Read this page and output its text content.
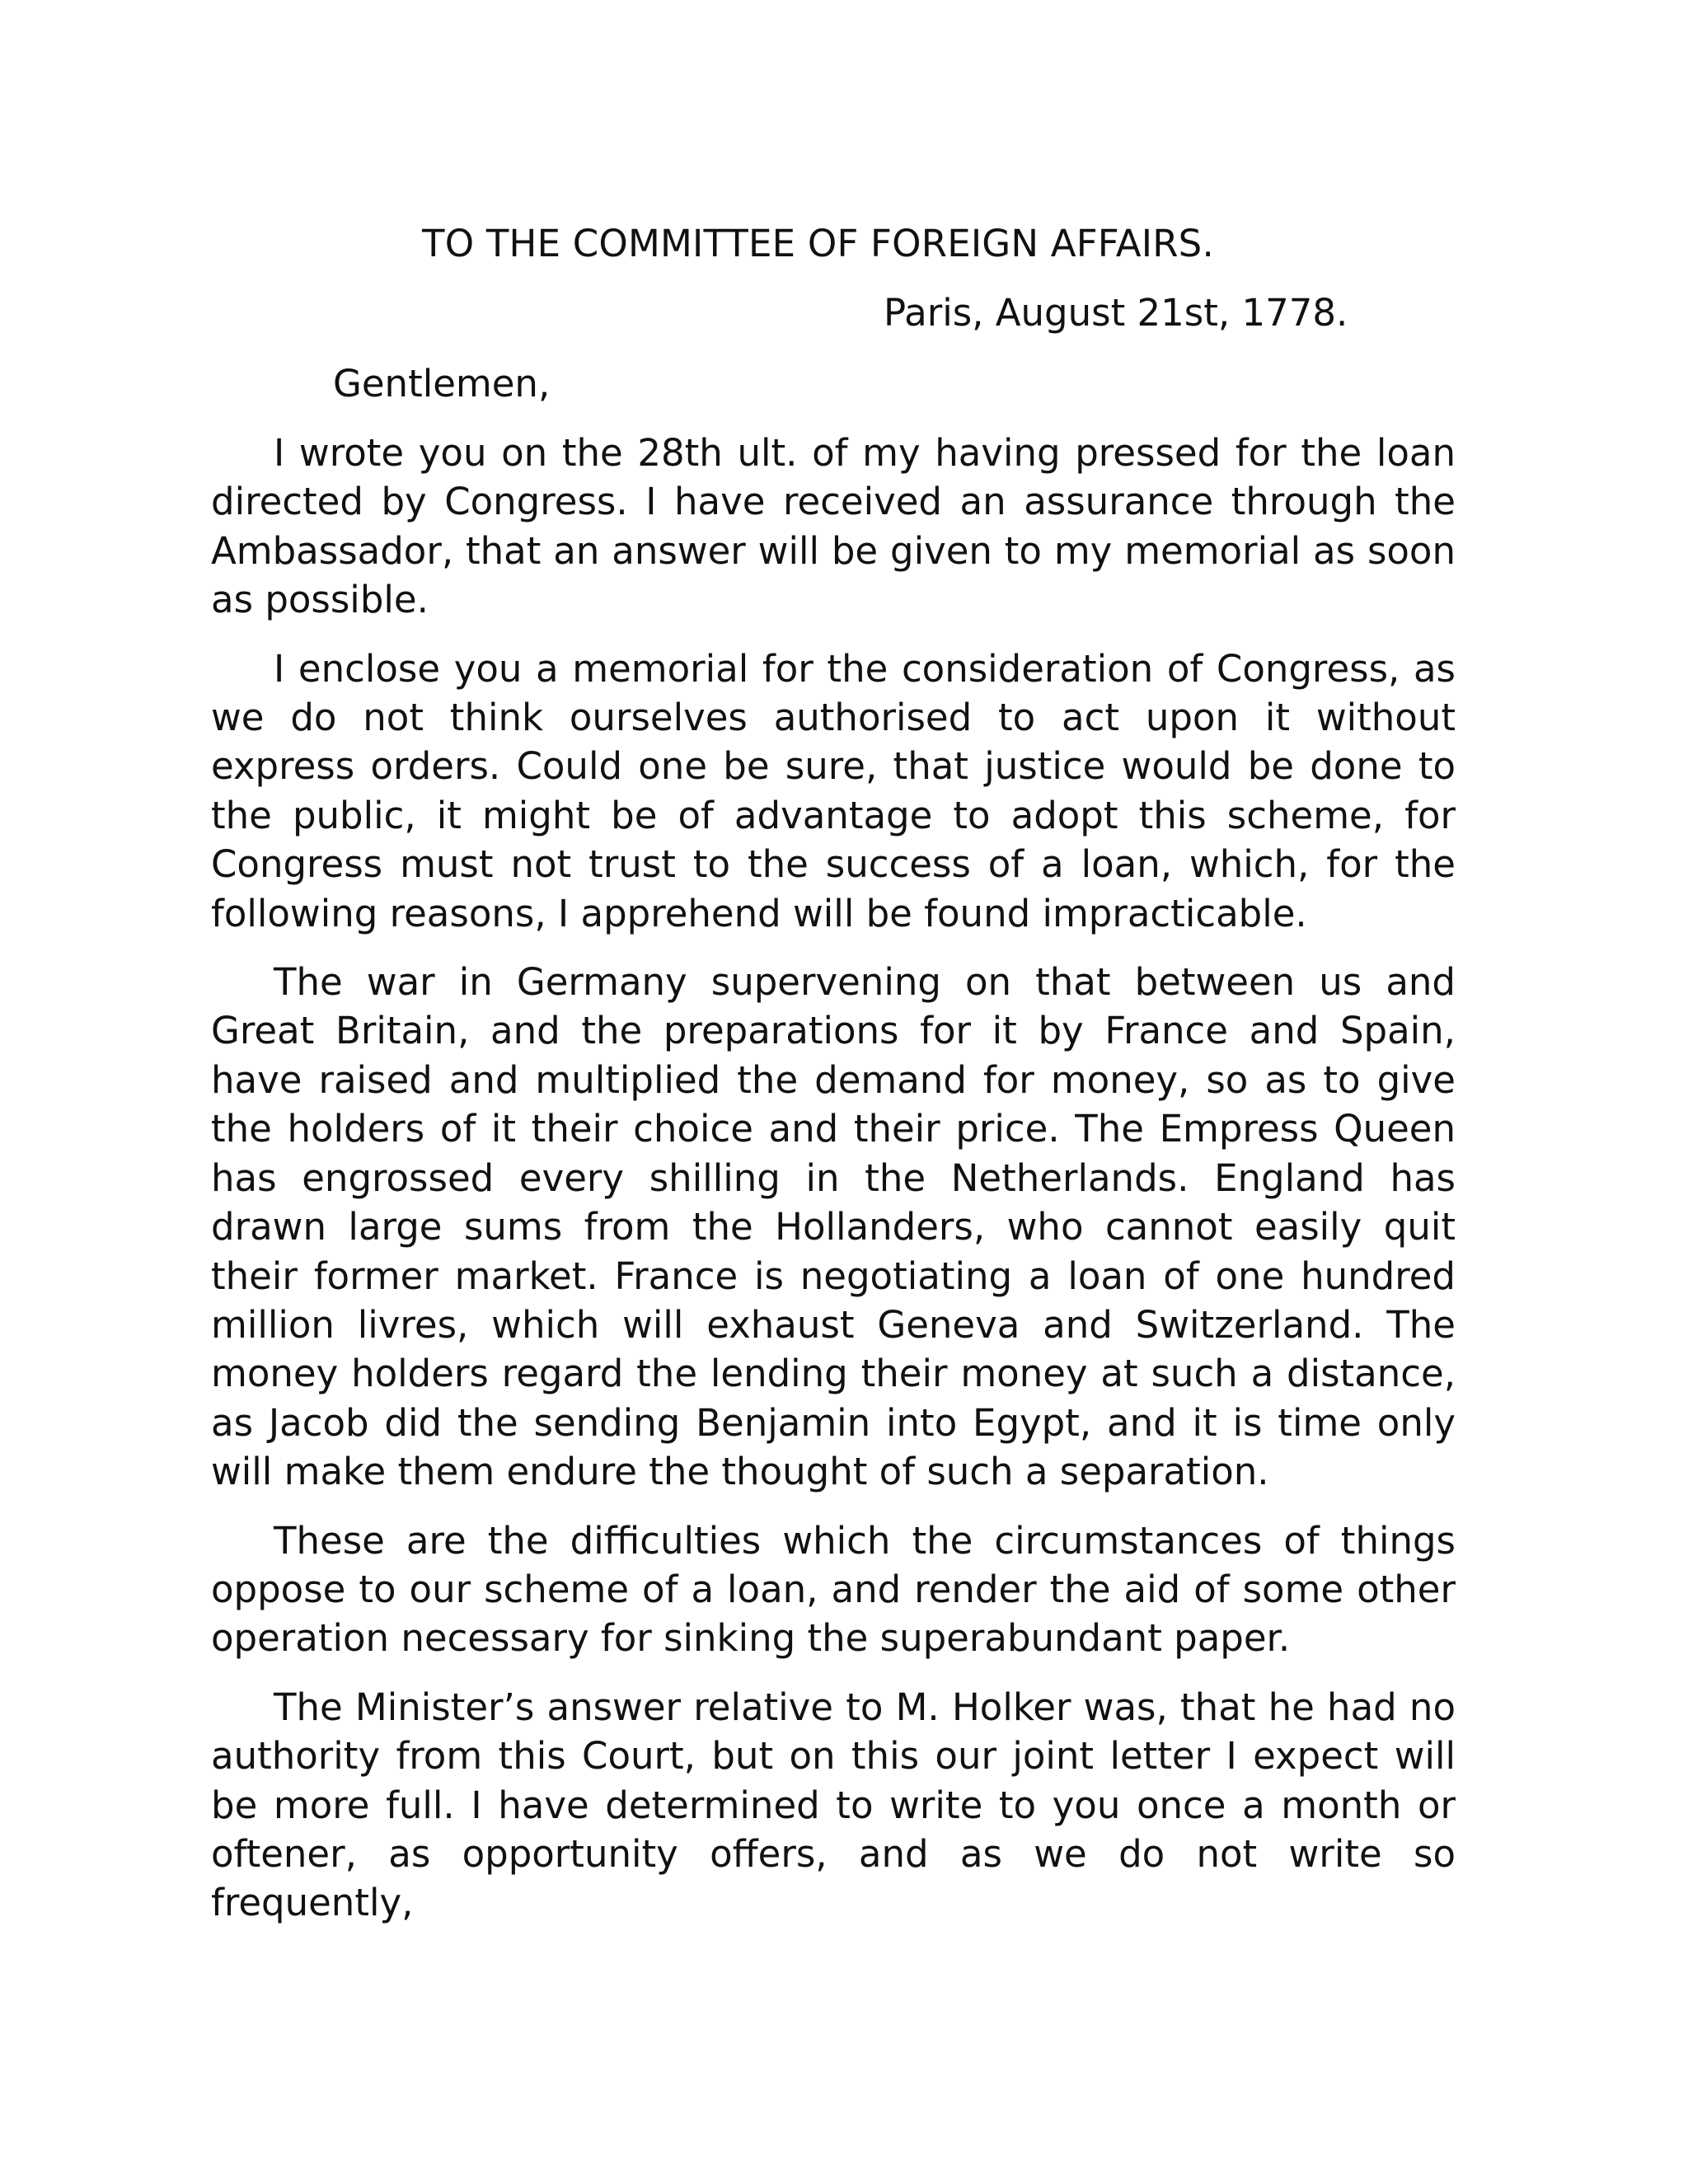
TO THE COMMITTEE OF FOREIGN AFFAIRS.

Paris, August 21st, 1778.

Gentlemen,

I wrote you on the 28th ult. of my having pressed for the loan directed by Congress. I have received an assurance through the Ambassador, that an answer will be given to my memorial as soon as possible.

I enclose you a memorial for the consideration of Congress, as we do not think ourselves authorised to act upon it without express orders. Could one be sure, that justice would be done to the public, it might be of advantage to adopt this scheme, for Congress must not trust to the success of a loan, which, for the following reasons, I apprehend will be found impracticable.

The war in Germany supervening on that between us and Great Britain, and the preparations for it by France and Spain, have raised and multiplied the demand for money, so as to give the holders of it their choice and their price. The Empress Queen has engrossed every shilling in the Netherlands. England has drawn large sums from the Hollanders, who cannot easily quit their former market. France is negotiating a loan of one hundred million livres, which will exhaust Geneva and Switzerland. The money holders regard the lending their money at such a distance, as Jacob did the sending Benjamin into Egypt, and it is time only will make them endure the thought of such a separation.

These are the difficulties which the circumstances of things oppose to our scheme of a loan, and render the aid of some other operation necessary for sinking the superabundant paper.

The Minister’s answer relative to M. Holker was, that he had no authority from this Court, but on this our joint letter I expect will be more full. I have determined to write to you once a month or oftener, as opportunity offers, and as we do not write so frequently,
